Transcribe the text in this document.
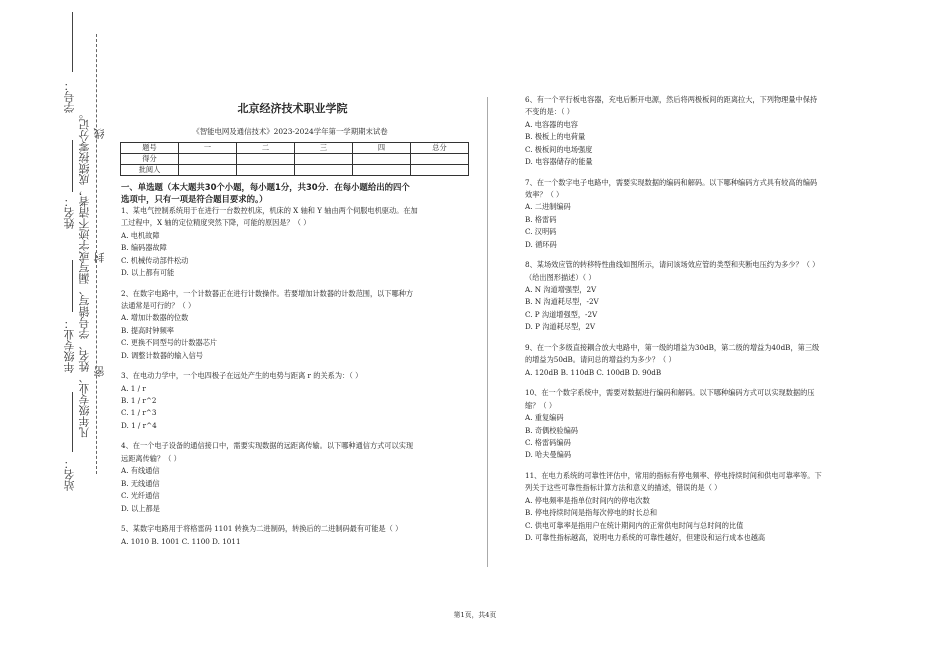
学号：
线
姓名：
封
凡年级专业、姓名、学号错写、漏写或字迹不清者，成绩按零分记。
年级专业： 密
站名：
北京经济技术职业学院
《智能电网及通信技术》2023-2024学年第一学期期末试卷
题号	一	二	三	四	总分
得分					
批阅人					

一、单选题（本大题共30个小题，每小题1分，共30分．在每小题给出的四个

选项中，只有一项是符合题目要求的。）

1、某电气控制系统用于在进行一台数控机床，机床的 X 轴和 Y 轴由两个伺服电机驱动。在加

工过程中，X 轴的定位精度突然下降，可能的原因是？（ ）

A. 电机故障

B. 编码器故障

C. 机械传动部件松动

D. 以上都有可能

2、在数字电路中，一个计数器正在进行计数操作。若要增加计数器的计数范围，以下哪种方

法通常是可行的？（ ）

A. 增加计数器的位数

B. 提高时钟频率

C. 更换不同型号的计数器芯片

D. 调整计数器的输入信号

3、在电动力学中，一个电四极子在远处产生的电势与距离 r 的关系为：（ ）

A. 1 / r

B. 1 / r^2

C. 1 / r^3

D. 1 / r^4

4、在一个电子设备的通信接口中，需要实现数据的远距离传输。以下哪种通信方式可以实现

远距离传输？（ ）

A. 有线通信

B. 无线通信

C. 光纤通信

D. 以上都是

5、某数字电路用于将格雷码 1101 转换为二进制码，转换后的二进制码最有可能是（ ）

A. 1010 B. 1001 C. 1100 D. 1011

6、有一个平行板电容器，充电后断开电源，然后将两极板间的距离拉大，下列物理量中保持

不变的是：（ ）

A. 电容器的电容

B. 极板上的电荷量

C. 极板间的电场强度

D. 电容器储存的能量

7、在一个数字电子电路中，需要实现数据的编码和解码。以下哪种编码方式具有较高的编码

效率？（ ）

A. 二进制编码

B. 格雷码

C. 汉明码

D. 循环码

8、某场效应管的转移特性曲线如图所示，请问该场效应管的类型和夹断电压约为多少？（ ）

（给出图形描述）（ ）

A. N 沟道增强型，2V

B. N 沟道耗尽型，-2V

C. P 沟道增强型，-2V

D. P 沟道耗尽型，2V

9、在一个多级直接耦合放大电路中，第一级的增益为30dB，第二级的增益为40dB，第三级

的增益为50dB。请问总的增益约为多少？（ ）

A. 120dB B. 110dB C. 100dB D. 90dB

10、在一个数字系统中，需要对数据进行编码和解码。以下哪种编码方式可以实现数据的压

缩？（ ）

A. 重复编码

B. 奇偶校验编码

C. 格雷码编码

D. 哈夫曼编码

11、在电力系统的可靠性评估中，常用的指标有停电频率、停电持续时间和供电可靠率等。下

列关于这些可靠性指标计算方法和意义的描述，错误的是（ ）

A. 停电频率是指单位时间内的停电次数

B. 停电持续时间是指每次停电的时长总和

C. 供电可靠率是指用户在统计期间内的正常供电时间与总时间的比值

D. 可靠性指标越高，说明电力系统的可靠性越好，但建设和运行成本也越高

第1页，共4页
